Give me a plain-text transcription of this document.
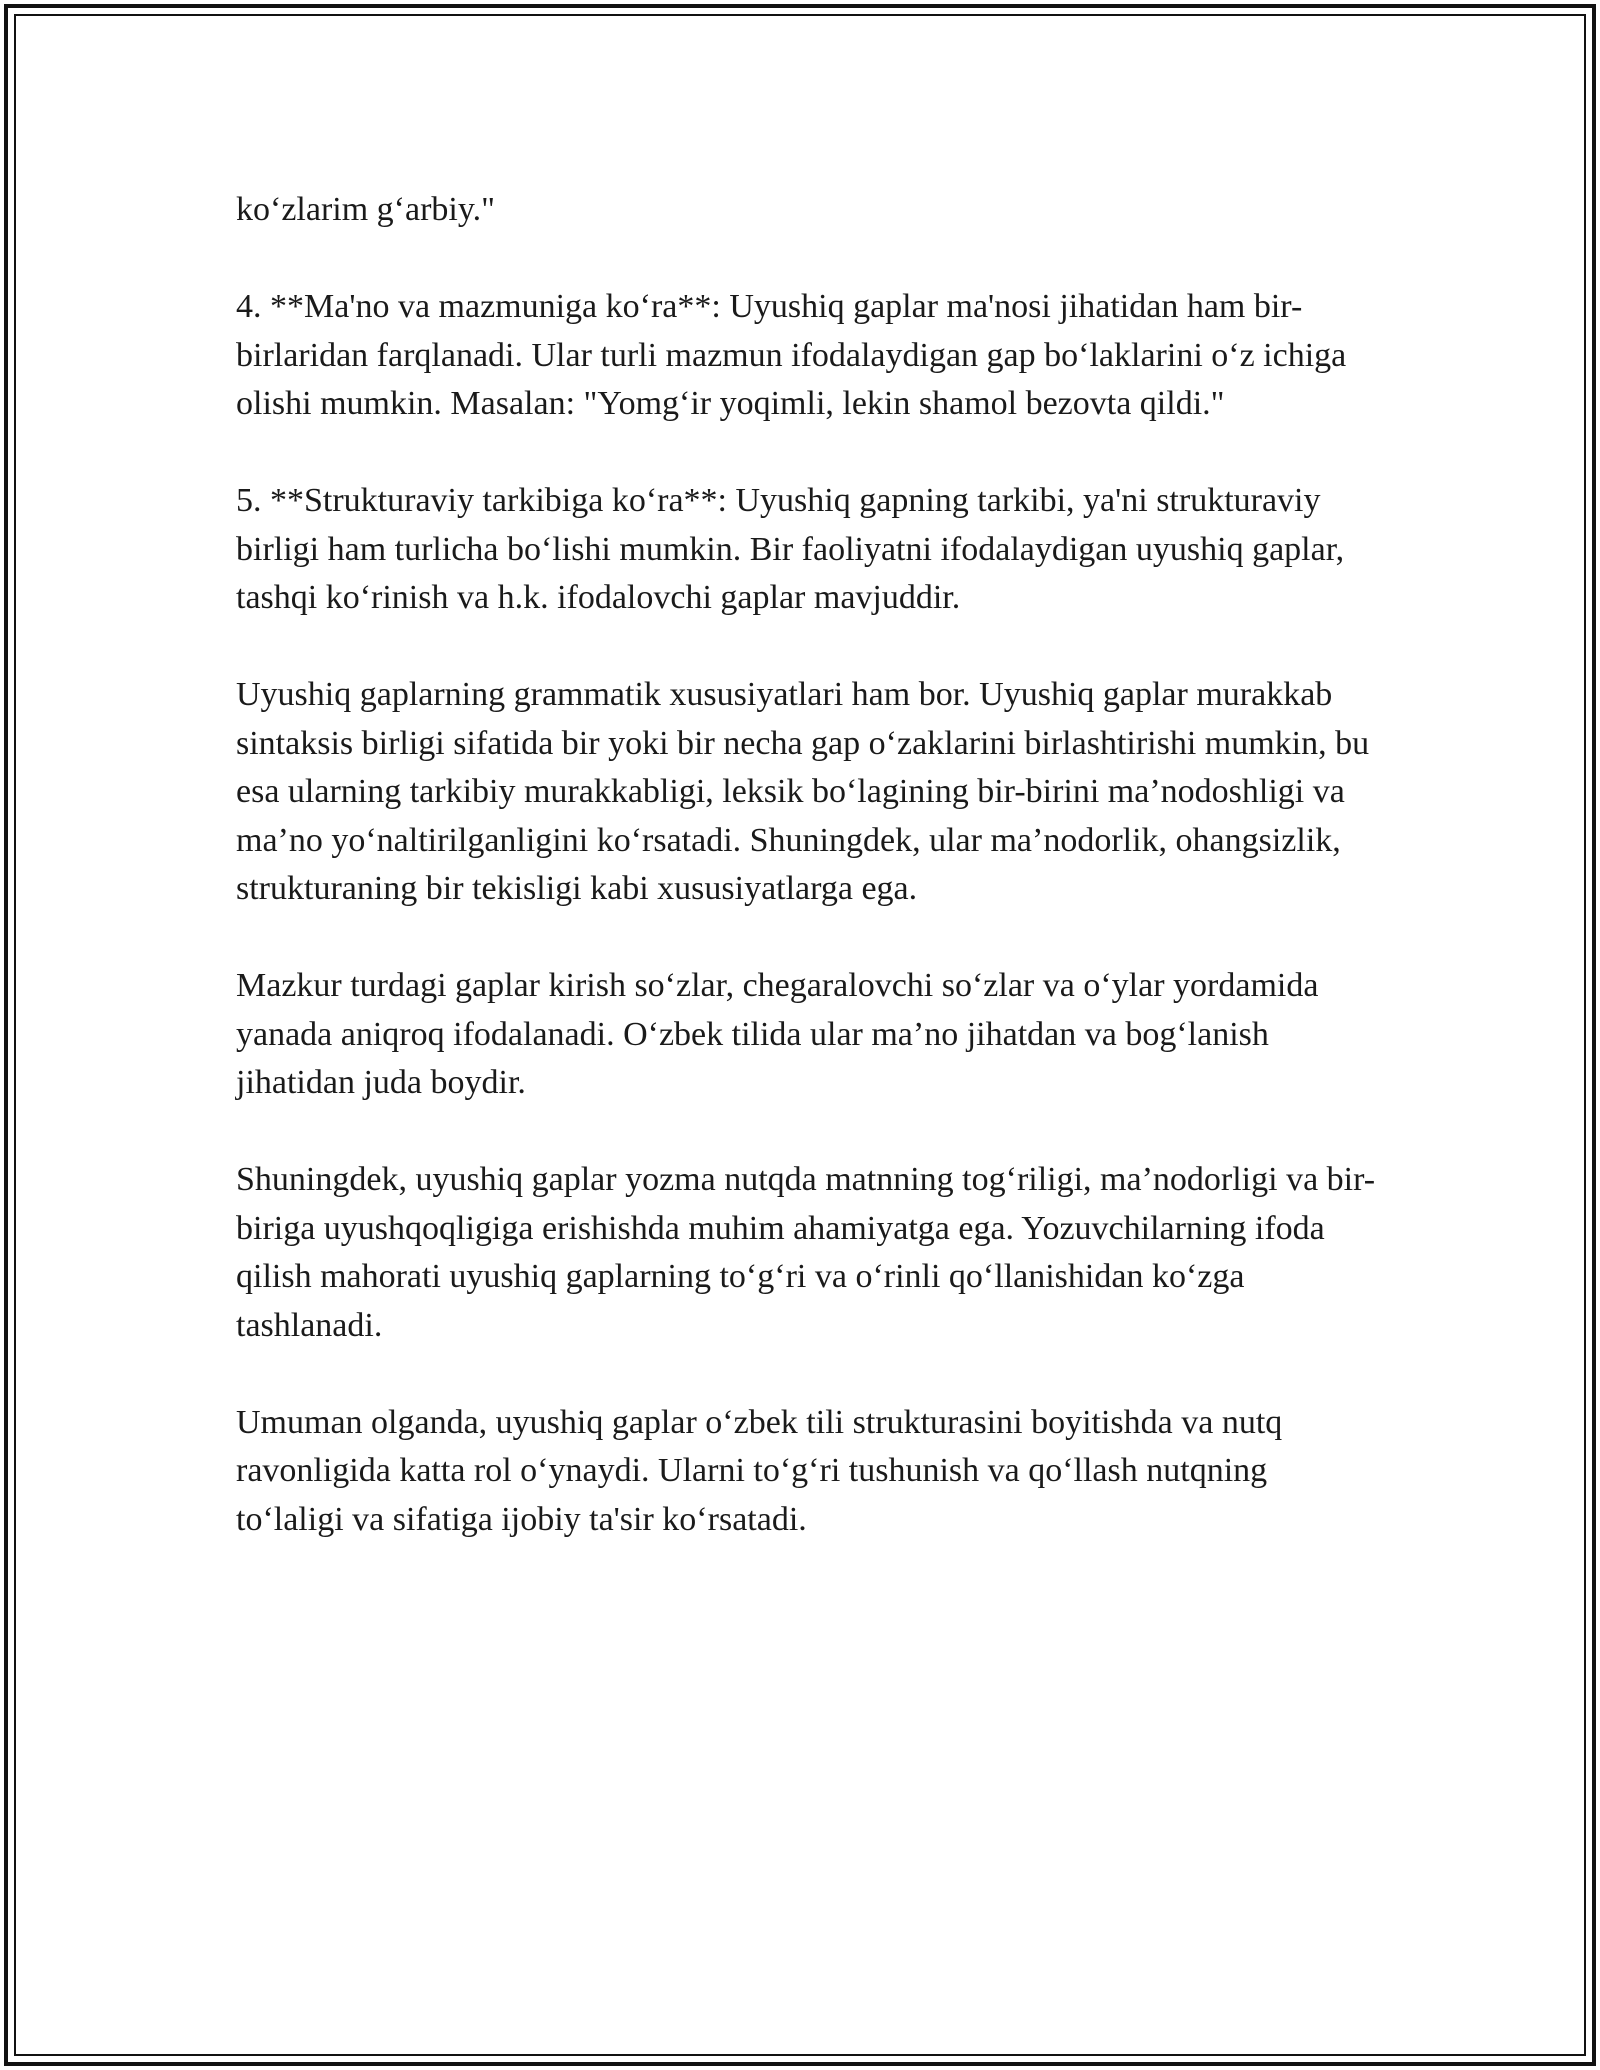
ko‘zlarim g‘arbiy."

4. **Ma'no va mazmuniga ko‘ra**: Uyushiq gaplar ma'nosi jihatidan ham bir-birlaridan farqlanadi. Ular turli mazmun ifodalaydigan gap bo‘laklarini o‘z ichiga olishi mumkin. Masalan: "Yomg‘ir yoqimli, lekin shamol bezovta qildi."

5. **Strukturaviy tarkibiga ko‘ra**: Uyushiq gapning tarkibi, ya'ni strukturaviy birligi ham turlicha bo‘lishi mumkin. Bir faoliyatni ifodalaydigan uyushiq gaplar, tashqi ko‘rinish va h.k. ifodalovchi gaplar mavjuddir.

Uyushiq gaplarning grammatik xususiyatlari ham bor. Uyushiq gaplar murakkab sintaksis birligi sifatida bir yoki bir necha gap o‘zaklarini birlashtirishi mumkin, bu esa ularning tarkibiy murakkabligi, leksik bo‘lagining bir-birini ma’nodoshligi va ma’no yo‘naltirilganligini ko‘rsatadi. Shuningdek, ular ma’nodorlik, ohangsizlik, strukturaning bir tekisligi kabi xususiyatlarga ega.

Mazkur turdagi gaplar kirish so‘zlar, chegaralovchi so‘zlar va o‘ylar yordamida yanada aniqroq ifodalanadi. O‘zbek tilida ular ma’no jihatdan va bog‘lanish jihatidan juda boydir.

Shuningdek, uyushiq gaplar yozma nutqda matnning tog‘riligi, ma’nodorligi va bir-biriga uyushqoqligiga erishishda muhim ahamiyatga ega. Yozuvchilarning ifoda qilish mahorati uyushiq gaplarning to‘g‘ri va o‘rinli qo‘llanishidan ko‘zga tashlanadi.

Umuman olganda, uyushiq gaplar o‘zbek tili strukturasini boyitishda va nutq ravonligida katta rol o‘ynaydi. Ularni to‘g‘ri tushunish va qo‘llash nutqning to‘laligi va sifatiga ijobiy ta'sir ko‘rsatadi.
